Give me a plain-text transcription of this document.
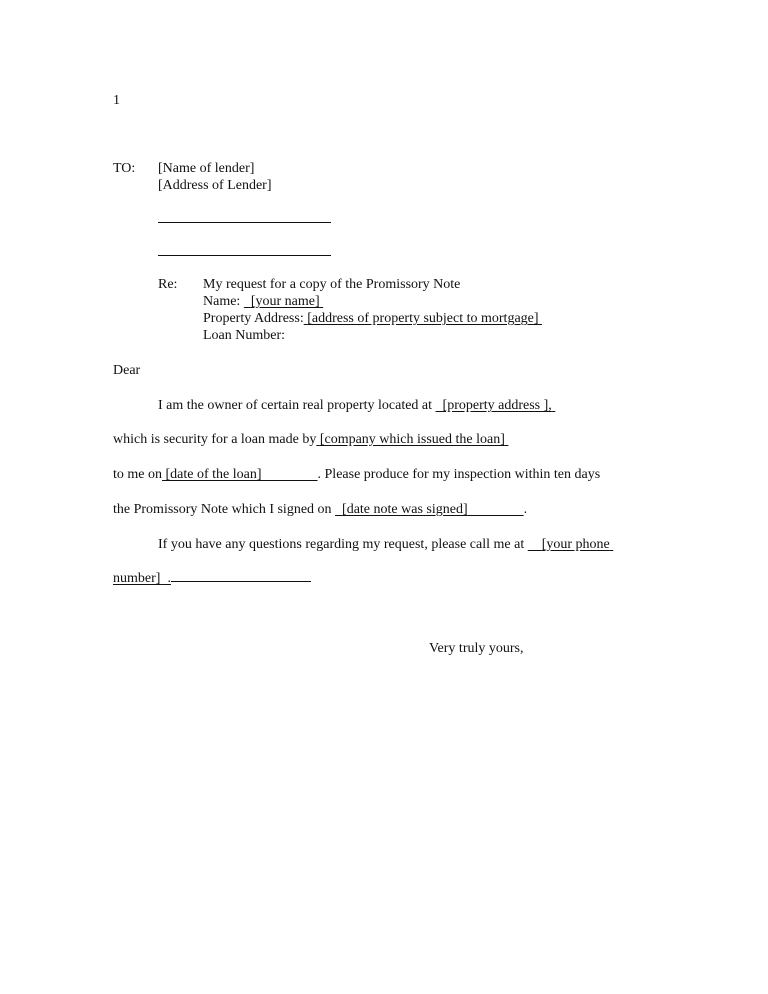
1
TO: [Name of lender]
[Address of Lender]
Re: My request for a copy of the Promissory Note
Name: [your name]
Property Address: [address of property subject to mortgage]
Loan Number:
Dear
I am the owner of certain real property located at [property address ],
which is security for a loan made by [company which issued the loan]
to me on [date of the loan]	. Please produce for my inspection within ten days
the Promissory Note which I signed on [date note was signed]	.
If you have any questions regarding my request, please call me at [your phone
number]  .
Very truly yours,
